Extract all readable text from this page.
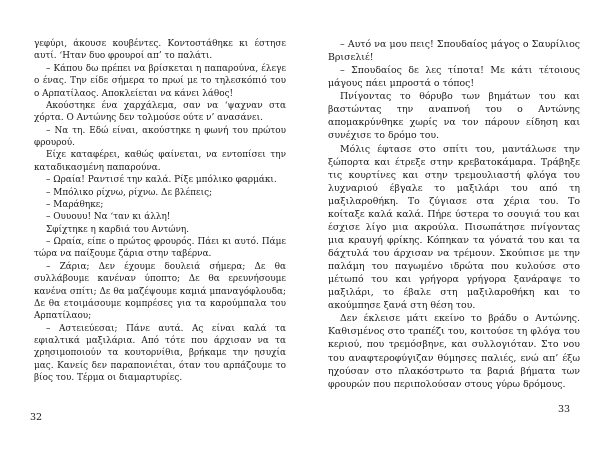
γεφύρι, άκουσε κουβέντες. Κοντοστάθηκε κι έστησε αυτί. ‘Ηταν δυο φρουροί απ’ το παλάτι.

– Κάπου δω πρέπει να βρίσκεται η παπαρούνα, έλεγε ο ένας. Την είδε σήμερα το πρωί με το τηλεσκόπιό του ο Αρπατίλαος. Αποκλείεται να κάνει λάθος!

Ακούστηκε ένα χαρχάλεμα, σαν να ‘ψαχναν στα χόρτα. Ο Αντώνης δεν τολμούσε ούτε ν’ ανασάνει.

– Να τη. Εδώ είναι, ακούστηκε η φωνή του πρώτου φρουρού.

Είχε καταφέρει, καθώς φαίνεται, να εντοπίσει την καταδικασμένη παπαρούνα.

– Ωραία! Ραντισέ την καλά. Ρίξε μπόλικο φαρμάκι.

– Μπόλικο ρίχνω, ρίχνω. Δε βλέπεις;

– Μαράθηκε;

– Ουυουυ! Να ‘ταν κι άλλη!

Σφίχτηκε η καρδιά του Αντώνη.

– Ωραία, είπε ο πρώτος φρουρός. Πάει κι αυτό. Πάμε τώρα να παίξουμε ζάρια στην ταβέρνα.

– Ζάρια; Δεν έχουμε δουλειά σήμερα; Δε θα συλλάβουμε κανέναν ύποπτο; Δε θα ερευνήσουμε κανένα σπίτι; Δε θα μαζέψουμε καμιά μπαναγόφλουδα; Δε θα ετοιμάσουμε κομπρέσες για τα καρούμπαλα του Αρπατίλαου;

– Αστειεύεσαι; Πάνε αυτά. Ας είναι καλά τα εφιαλτικά μαξιλάρια. Από τότε που άρχισαν να τα χρησιμοποιούν τα κουτορνίθια, βρήκαμε την ησυχία μας. Κανείς δεν παραπονιέται, όταν του αρπάζουμε το βίος του. Τέρμα οι διαμαρτυρίες.

32

– Αυτό να μου πεις! Σπουδαίος μάγος ο Σαυρίλιος Βρισελιέ!

– Σπουδαίος δε λες τίποτα! Με κάτι τέτοιους μάγους πάει μπροστά ο τόπος!

Πνίγοντας το θόρυβο των βημάτων του και βαστώντας την αναπνοή του ο Αντώνης απομακρύνθηκε χωρίς να τον πάρουν είδηση και συνέχισε το δρόμο του.

Μόλις έφτασε στο σπίτι του, μαντάλωσε την ξώπορτα και έτρεξε στην κρεβατοκάμαρα. Τράβηξε τις κουρτίνες και στην τρεμουλιαστή φλόγα του λυχναριού έβγαλε το μαξιλάρι του από τη μαξιλαροθήκη. Το ζύγιασε στα χέρια του. Το κοίταξε καλά καλά. Πήρε ύστερα το σουγιά του και έσχισε λίγο μια ακρούλα. Πισωπάτησε πνίγοντας μια κραυγή φρίκης. Κόπηκαν τα γόνατά του και τα δάχτυλά του άρχισαν να τρέμουν. Σκούπισε με την παλάμη του παγωμένο ιδρώτα που κυλούσε στο μέτωπό του και γρήγορα γρήγορα ξανάραψε το μαξιλάρι, το έβαλε στη μαξιλαροθήκη και το ακούμπησε ξανά στη θέση του.

Δεν έκλεισε μάτι εκείνο το βράδυ ο Αντώνης. Καθισμένος στο τραπέζι του, κοιτούσε τη φλόγα του κεριού, που τρεμόσβηνε, και συλλογιόταν. Στο νου του αναφτεροφύγιζαν θύμησες παλιές, ενώ απ’ έξω ηχούσαν στο πλακόστρωτο τα βαριά βήματα των φρουρών που περιπολούσαν στους γύρω δρόμους.

33
